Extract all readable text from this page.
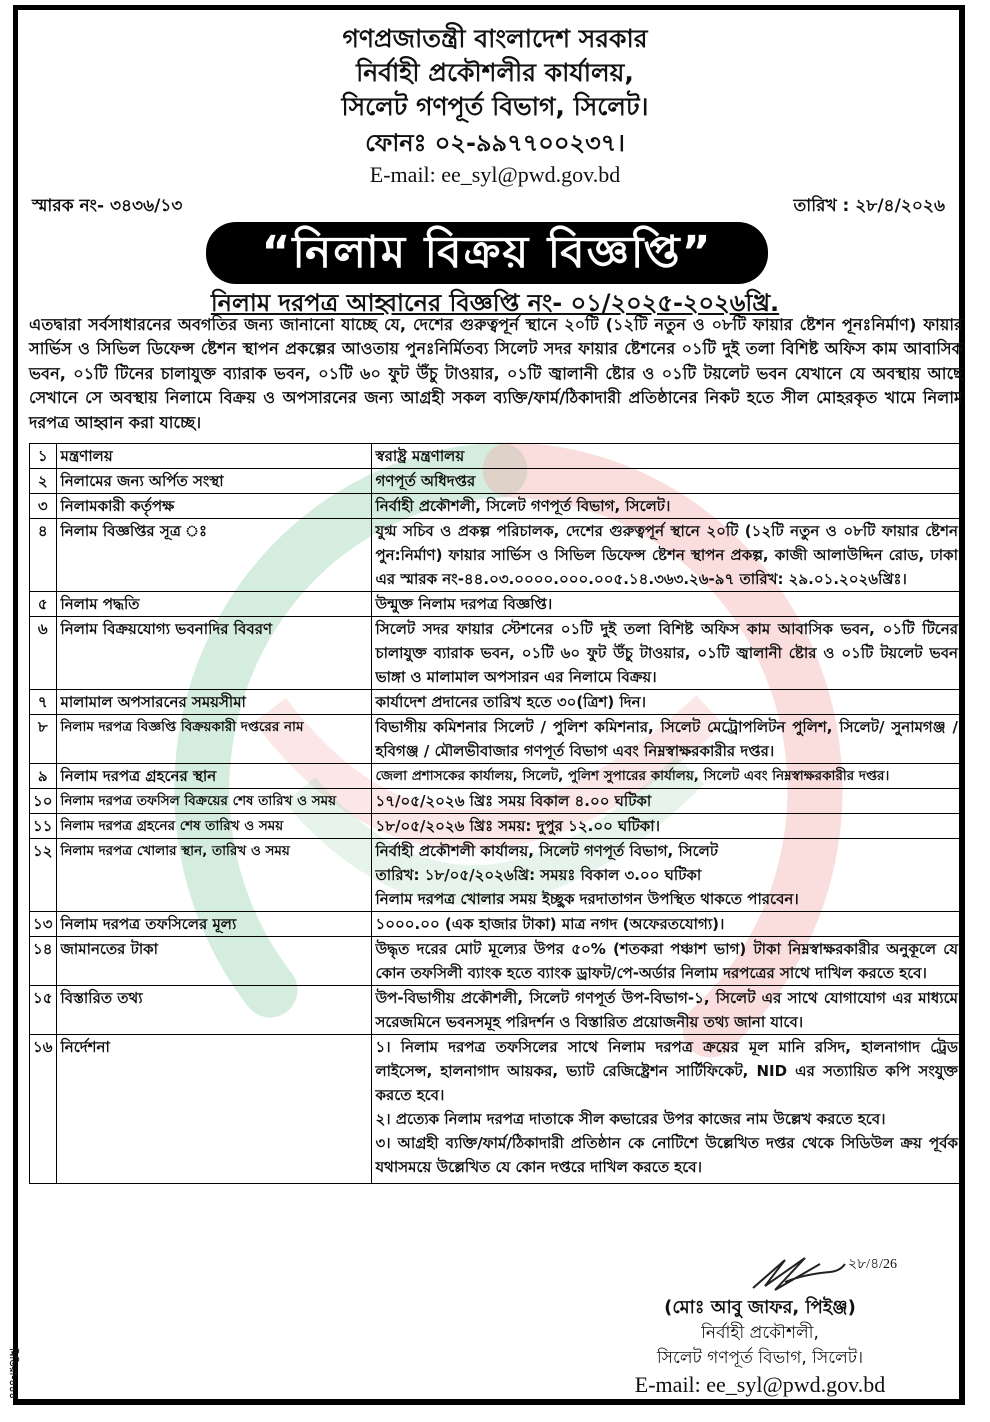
গণপ্রজাতন্ত্রী বাংলাদেশ সরকার
নির্বাহী প্রকৌশলীর কার্যালয়,
সিলেট গণপূর্ত বিভাগ, সিলেট।
ফোনঃ ০২-৯৯৭৭০০২৩৭।
E-mail: ee_syl@pwd.gov.bd
স্মারক নং- ৩৪৩৬/১৩	তারিখ : ২৮/৪/২০২৬
“নিলাম বিক্রয় বিজ্ঞপ্তি”
নিলাম দরপত্র আহ্বানের বিজ্ঞপ্তি নং- ০১/২০২৫-২০২৬খ্রি.
এতদ্বারা সর্বসাধারনের অবগতির জন্য জানানো যাচ্ছে যে, দেশের গুরুত্বপূর্ন স্থানে ২০টি (১২টি নতুন ও ০৮টি ফায়ার ষ্টেশন পূনঃনির্মাণ) ফায়ার সার্ভিস ও সিভিল ডিফেন্স ষ্টেশন স্থাপন প্রকল্পের আওতায় পুনঃনির্মিতব্য সিলেট সদর ফায়ার ষ্টেশনের ০১টি দুই তলা বিশিষ্ট অফিস কাম আবাসিক ভবন, ০১টি টিনের চালাযুক্ত ব্যারাক ভবন, ০১টি ৬০ ফুট উঁচু টাওয়ার, ০১টি জ্বালানী ষ্টোর ও ০১টি টয়লেট ভবন যেখানে যে অবস্থায় আছে সেখানে সে অবস্থায় নিলামে বিক্রয় ও অপসারনের জন্য আগ্রহী সকল ব্যক্তি/ফার্ম/ঠিকাদারী প্রতিষ্ঠানের নিকট হতে সীল মোহরকৃত খামে নিলাম দরপত্র আহ্বান করা যাচ্ছে।
১	মন্ত্রণালয়	স্বরাষ্ট্র মন্ত্রণালয়
২	নিলামের জন্য অর্পিত সংস্থা	গণপূর্ত অধিদপ্তর
৩	নিলামকারী কর্তৃপক্ষ	নির্বাহী প্রকৌশলী, সিলেট গণপূর্ত বিভাগ, সিলেট।
৪	নিলাম বিজ্ঞপ্তির সূত্র ঃ	যুগ্ম সচিব ও প্রকল্প পরিচালক, দেশের গুরুত্বপূর্ন স্থানে ২০টি (১২টি নতুন ও ০৮টি ফায়ার ষ্টেশন পুন:নির্মাণ) ফায়ার সার্ভিস ও সিভিল ডিফেন্স ষ্টেশন স্থাপন প্রকল্প, কাজী আলাউদ্দিন রোড, ঢাকা এর স্মারক নং-৪৪.০৩.০০০০.০০০.০০৫.১৪.৩৬৩.২৬-৯৭ তারিখ: ২৯.০১.২০২৬খ্রিঃ।
৫	নিলাম পদ্ধতি	উন্মুক্ত নিলাম দরপত্র বিজ্ঞপ্তি।
৬	নিলাম বিক্রয়যোগ্য ভবনাদির বিবরণ	সিলেট সদর ফায়ার স্টেশনের ০১টি দুই তলা বিশিষ্ট অফিস কাম আবাসিক ভবন, ০১টি টিনের চালাযুক্ত ব্যারাক ভবন, ০১টি ৬০ ফুট উঁচু টাওয়ার, ০১টি জ্বালানী ষ্টোর ও ০১টি টয়লেট ভবন ভাঙ্গা ও মালামাল অপসারন এর নিলামে বিক্রয়।
৭	মালামাল অপসারনের সময়সীমা	কার্যাদেশ প্রদানের তারিখ হতে ৩০(ত্রিশ) দিন।
৮	নিলাম দরপত্র বিজ্ঞপ্তি বিক্রয়কারী দপ্তরের নাম	বিভাগীয় কমিশনার সিলেট / পুলিশ কমিশনার, সিলেট মেট্রোপলিটন পুলিশ, সিলেট/ সুনামগঞ্জ / হবিগঞ্জ / মৌলভীবাজার গণপূর্ত বিভাগ এবং নিম্নস্বাক্ষরকারীর দপ্তর।
৯	নিলাম দরপত্র গ্রহনের স্থান	জেলা প্রশাসকের কার্যালয়, সিলেট, পুলিশ সুপারের কার্যালয়, সিলেট এবং নিম্নস্বাক্ষরকারীর দপ্তর।
১০	নিলাম দরপত্র তফসিল বিক্রয়ের শেষ তারিখ ও সময়	১৭/০৫/২০২৬ খ্রিঃ সময় বিকাল ৪.০০ ঘটিকা
১১	নিলাম দরপত্র গ্রহনের শেষ তারিখ ও সময়	১৮/০৫/২০২৬ খ্রিঃ সময়: দুপুর ১২.০০ ঘটিকা।
১২	নিলাম দরপত্র খোলার স্থান, তারিখ ও সময়	নির্বাহী প্রকৌশলী কার্যালয়, সিলেট গণপূর্ত বিভাগ, সিলেট
তারিখ: ১৮/০৫/২০২৬খ্রি: সময়ঃ বিকাল ৩.০০ ঘটিকা
নিলাম দরপত্র খোলার সময় ইচ্ছুক দরদাতাগন উপস্থিত থাকতে পারবেন।

১৩	নিলাম দরপত্র তফসিলের মূল্য	১০০০.০০ (এক হাজার টাকা) মাত্র নগদ (অফেরতযোগ্য)।
১৪	জামানতের টাকা	উদ্ধৃত দরের মোট মূল্যের উপর ৫০% (শতকরা পঞ্চাশ ভাগ) টাকা নিম্নস্বাক্ষরকারীর অনুকূলে যে কোন তফসিলী ব্যাংক হতে ব্যাংক ড্রাফট/পে-অর্ডার নিলাম দরপত্রের সাথে দাখিল করতে হবে।
১৫	বিস্তারিত তথ্য	উপ-বিভাগীয় প্রকৌশলী, সিলেট গণপূর্ত উপ-বিভাগ-১, সিলেট এর সাথে যোগাযোগ এর মাধ্যমে সরেজমিনে ভবনসমূহ পরিদর্শন ও বিস্তারিত প্রয়োজনীয় তথ্য জানা যাবে।
১৬	নির্দেশনা	১। নিলাম দরপত্র তফসিলের সাথে নিলাম দরপত্র ক্রয়ের মূল মানি রসিদ, হালনাগাদ ট্রেড লাইসেন্স, হালনাগাদ আয়কর, ভ্যাট রেজিষ্ট্রেশন সার্টিফিকেট, NID এর সত্যায়িত কপি সংযুক্ত করতে হবে।
২। প্রত্যেক নিলাম দরপত্র দাতাকে সীল কভারের উপর কাজের নাম উল্লেখ করতে হবে।
৩। আগ্রহী ব্যক্তি/ফার্ম/ঠিকাদারী প্রতিষ্ঠান কে নোটিশে উল্লেখিত দপ্তর থেকে সিডিউল ক্রয় পূর্বক যথাসময়ে উল্লেখিত যে কোন দপ্তরে দাখিল করতে হবে।
২৮/৪/26
(মোঃ আবু জাফর, পিইঞ্জ)
নির্বাহী প্রকৌশলী,
সিলেট গণপূর্ত বিভাগ, সিলেট।
E-mail: ee_syl@pwd.gov.bd
মিডিয়া-৪৪৪
